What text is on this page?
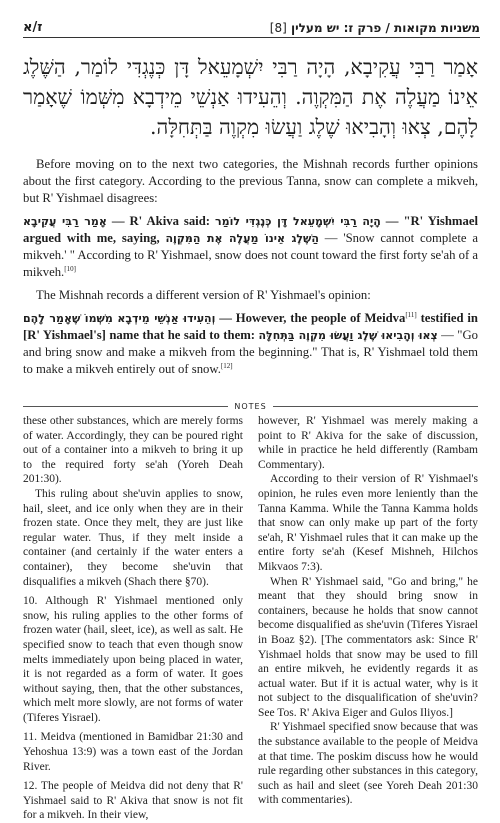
ז/א	משניות מקואות / פרק ז: יש מעלין [8]
אָמַר רַבִּי עֲקִיבָא, הָיָה רַבִּי יִשְׁמָעֵאל דָּן כְּנֶגְדִּי לוֹמַר, הַשֶּׁלֶג אֵינוֹ מַעֲלֶה אֶת הַמִּקְוֶה. וְהֵעִידוּ אַנְשֵׁי מֵידְבָא מִשְּׁמוֹ שֶׁאָמַר לָהֶם, צְאוּ וְהָבִיאוּ שֶׁלֶג וַעֲשׂוּ מִקְוֶה בַּתְּחִלָּה.

Before moving on to the next two categories, the Mishnah records further opinions about the first category. According to the previous Tanna, snow can complete a mikveh, but R' Yishmael disagrees:

אָמַר רַבִּי עֲקִיבָא — R' Akiva said: הָיָה רַבִּי יִשְׁמָעֵאל דָּן כְּנֶגְדִּי לוֹמַר — "R' Yishmael argued with me, saying, הַשֶּׁלֶג אֵינוֹ מַעֲלֶה אֶת הַמִּקְוֶה — 'Snow cannot complete a mikveh.' " According to R' Yishmael, snow does not count toward the first forty se'ah of a mikveh.[10]

The Mishnah records a different version of R' Yishmael's opinion:

וְהֵעִידוּ אַנְשֵׁי מֵידְבָא מִשְּׁמוֹ שֶׁאָמַר לָהֶם — However, the people of Meidva[11] testified in [R' Yishmael's] name that he said to them: צְאוּ וְהָבִיאוּ שֶׁלֶג וַעֲשׂוּ מִקְוֶה בַּתְּחִלָּה — "Go and bring snow and make a mikveh from the beginning." That is, R' Yishmael told them to make a mikveh entirely out of snow.[12]

NOTES

these other substances, which are merely forms of water. Accordingly, they can be poured right out of a container into a mikveh to bring it up to the required forty se'ah (Yoreh Deah 201:30).

This ruling about she'uvin applies to snow, hail, sleet, and ice only when they are in their frozen state. Once they melt, they are just like regular water. Thus, if they melt inside a container (and certainly if the water enters a container), they become she'uvin that disqualifies a mikveh (Shach there §70).

10. Although R' Yishmael mentioned only snow, his ruling applies to the other forms of frozen water (hail, sleet, ice), as well as salt. He specified snow to teach that even though snow melts immediately upon being placed in water, it is not regarded as a form of water. It goes without saying, then, that the other substances, which melt more slowly, are not forms of water (Tiferes Yisrael).

11. Meidva (mentioned in Bamidbar 21:30 and Yehoshua 13:9) was a town east of the Jordan River.

12. The people of Meidva did not deny that R' Yishmael said to R' Akiva that snow is not fit for a mikveh. In their view,

however, R' Yishmael was merely making a point to R' Akiva for the sake of discussion, while in practice he held differently (Rambam Commentary).

According to their version of R' Yishmael's opinion, he rules even more leniently than the Tanna Kamma. While the Tanna Kamma holds that snow can only make up part of the forty se'ah, R' Yishmael rules that it can make up the entire forty se'ah (Kesef Mishneh, Hilchos Mikvaos 7:3).

When R' Yishmael said, "Go and bring," he meant that they should bring snow in containers, because he holds that snow cannot become disqualified as she'uvin (Tiferes Yisrael in Boaz §2). [The commentators ask: Since R' Yishmael holds that snow may be used to fill an entire mikveh, he evidently regards it as actual water. But if it is actual water, why is it not subject to the disqualification of she'uvin? See Tos. R' Akiva Eiger and Gulos Iliyos.]

R' Yishmael specified snow because that was the substance available to the people of Meidva at that time. The poskim discuss how he would rule regarding other substances in this category, such as hail and sleet (see Yoreh Deah 201:30 with commentaries).
